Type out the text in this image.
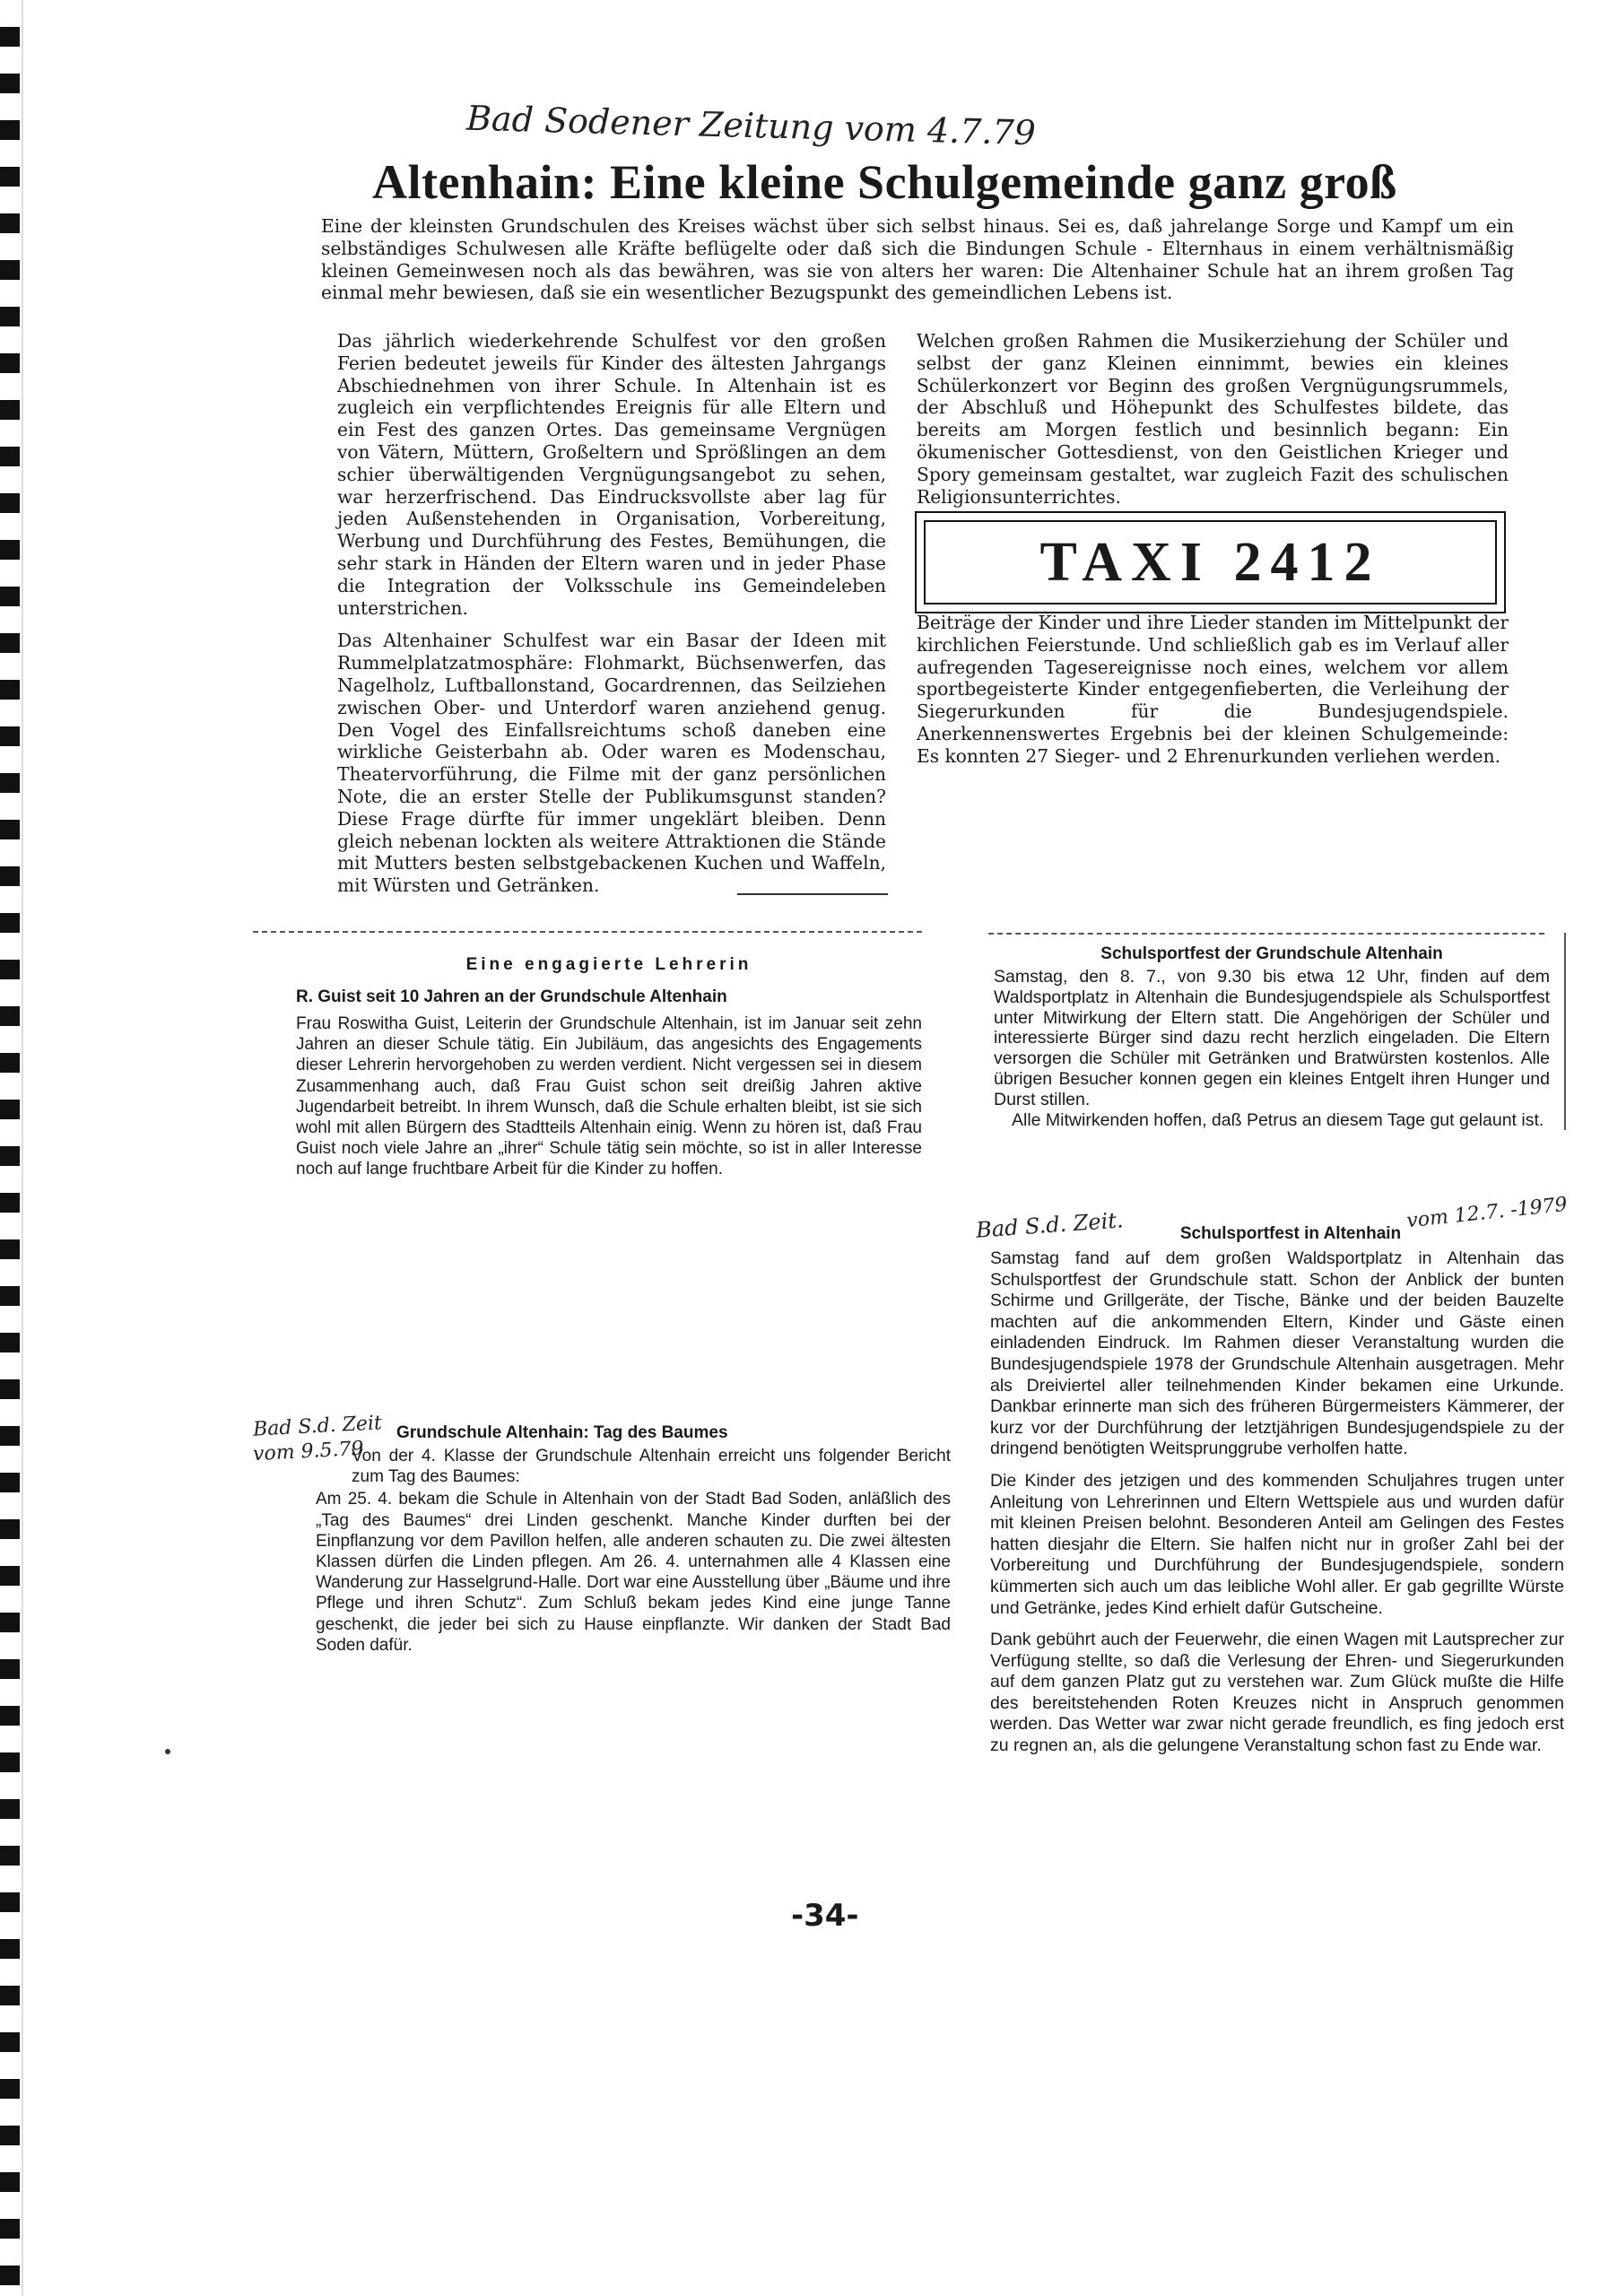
Bad Sodener Zeitung vom 4.7.79
Altenhain: Eine kleine Schulgemeinde ganz groß

Eine der kleinsten Grundschulen des Kreises wächst über sich selbst hinaus. Sei es, daß jahrelange Sorge und Kampf um ein selbständiges Schulwesen alle Kräfte beflügelte oder daß sich die Bindungen Schule - Elternhaus in einem verhältnismäßig kleinen Gemeinwesen noch als das bewähren, was sie von alters her waren: Die Altenhainer Schule hat an ihrem großen Tag einmal mehr bewiesen, daß sie ein wesentlicher Bezugspunkt des gemeindlichen Lebens ist.

Das jährlich wiederkehrende Schulfest vor den großen Ferien bedeutet jeweils für Kinder des ältesten Jahrgangs Abschiednehmen von ihrer Schule. In Altenhain ist es zugleich ein verpflichtendes Ereignis für alle Eltern und ein Fest des ganzen Ortes. Das gemeinsame Vergnügen von Vätern, Müttern, Großeltern und Sprößlingen an dem schier überwältigenden Vergnügungsangebot zu sehen, war herzerfrischend. Das Eindrucksvollste aber lag für jeden Außenstehenden in Organisation, Vorbereitung, Werbung und Durchführung des Festes, Bemühungen, die sehr stark in Händen der Eltern waren und in jeder Phase die Integration der Volksschule ins Gemeindeleben unterstrichen.

Das Altenhainer Schulfest war ein Basar der Ideen mit Rummelplatzatmosphäre: Flohmarkt, Büchsenwerfen, das Nagelholz, Luftballonstand, Gocardrennen, das Seilziehen zwischen Ober- und Unterdorf waren anziehend genug. Den Vogel des Einfallsreichtums schoß daneben eine wirkliche Geisterbahn ab. Oder waren es Modenschau, Theatervorführung, die Filme mit der ganz persönlichen Note, die an erster Stelle der Publikumsgunst standen? Diese Frage dürfte für immer ungeklärt bleiben. Denn gleich nebenan lockten als weitere Attraktionen die Stände mit Mutters besten selbstgebackenen Kuchen und Waffeln, mit Würsten und Getränken.

Welchen großen Rahmen die Musikerziehung der Schüler und selbst der ganz Kleinen einnimmt, bewies ein kleines Schülerkonzert vor Beginn des großen Vergnügungsrummels, der Abschluß und Höhepunkt des Schulfestes bildete, das bereits am Morgen festlich und besinnlich begann: Ein ökumenischer Gottesdienst, von den Geistlichen Krieger und Spory gemeinsam gestaltet, war zugleich Fazit des schulischen Religionsunterrichtes.

TAXI 2412

Beiträge der Kinder und ihre Lieder standen im Mittelpunkt der kirchlichen Feierstunde. Und schließlich gab es im Verlauf aller aufregenden Tagesereignisse noch eines, welchem vor allem sportbegeisterte Kinder entgegenfieberten, die Verleihung der Siegerurkunden für die Bundesjugendspiele. Anerkennenswertes Ergebnis bei der kleinen Schulgemeinde: Es konnten 27 Sieger- und 2 Ehrenurkunden verliehen werden.

Eine engagierte Lehrerin

R. Guist seit 10 Jahren an der Grundschule Altenhain

Frau Roswitha Guist, Leiterin der Grundschule Altenhain, ist im Januar seit zehn Jahren an dieser Schule tätig. Ein Jubiläum, das angesichts des Engagements dieser Lehrerin hervorgehoben zu werden verdient. Nicht vergessen sei in diesem Zusammenhang auch, daß Frau Guist schon seit dreißig Jahren aktive Jugendarbeit betreibt. In ihrem Wunsch, daß die Schule erhalten bleibt, ist sie sich wohl mit allen Bürgern des Stadtteils Altenhain einig. Wenn zu hören ist, daß Frau Guist noch viele Jahre an „ihrer“ Schule tätig sein möchte, so ist in aller Interesse noch auf lange fruchtbare Arbeit für die Kinder zu hoffen.

Schulsportfest der Grundschule Altenhain

Samstag, den 8. 7., von 9.30 bis etwa 12 Uhr, finden auf dem Waldsportplatz in Altenhain die Bundesjugendspiele als Schulsportfest unter Mitwirkung der Eltern statt. Die Angehörigen der Schüler und interessierte Bürger sind dazu recht herzlich eingeladen. Die Eltern versorgen die Schüler mit Getränken und Bratwürsten kostenlos. Alle übrigen Besucher konnen gegen ein kleines Entgelt ihren Hunger und Durst stillen.

Alle Mitwirkenden hoffen, daß Petrus an diesem Tage gut gelaunt ist.

Bad S.d. Zeit.	vom 12.7. -1979

Schulsportfest in Altenhain

Samstag fand auf dem großen Waldsportplatz in Altenhain das Schulsportfest der Grundschule statt. Schon der Anblick der bunten Schirme und Grillgeräte, der Tische, Bänke und der beiden Bauzelte machten auf die ankommenden Eltern, Kinder und Gäste einen einladenden Eindruck. Im Rahmen dieser Veranstaltung wurden die Bundesjugendspiele 1978 der Grundschule Altenhain ausgetragen. Mehr als Dreiviertel aller teilnehmenden Kinder bekamen eine Urkunde. Dankbar erinnerte man sich des früheren Bürgermeisters Kämmerer, der kurz vor der Durchführung der letztjährigen Bundesjugendspiele zu der dringend benötigten Weitsprunggrube verholfen hatte.

Die Kinder des jetzigen und des kommenden Schuljahres trugen unter Anleitung von Lehrerinnen und Eltern Wettspiele aus und wurden dafür mit kleinen Preisen belohnt. Besonderen Anteil am Gelingen des Festes hatten diesjahr die Eltern. Sie halfen nicht nur in großer Zahl bei der Vorbereitung und Durchführung der Bundesjugendspiele, sondern kümmerten sich auch um das leibliche Wohl aller. Er gab gegrillte Würste und Getränke, jedes Kind erhielt dafür Gutscheine.

Dank gebührt auch der Feuerwehr, die einen Wagen mit Lautsprecher zur Verfügung stellte, so daß die Verlesung der Ehren- und Siegerurkunden auf dem ganzen Platz gut zu verstehen war. Zum Glück mußte die Hilfe des bereitstehenden Roten Kreuzes nicht in Anspruch genommen werden. Das Wetter war zwar nicht gerade freundlich, es fing jedoch erst zu regnen an, als die gelungene Veranstaltung schon fast zu Ende war.

Bad S.d. Zeit
vom 9.5.79

Grundschule Altenhain: Tag des Baumes

Von der 4. Klasse der Grundschule Altenhain erreicht uns folgender Bericht zum Tag des Baumes:

Am 25. 4. bekam die Schule in Altenhain von der Stadt Bad Soden, anläßlich des „Tag des Baumes“ drei Linden geschenkt. Manche Kinder durften bei der Einpflanzung vor dem Pavillon helfen, alle anderen schauten zu. Die zwei ältesten Klassen dürfen die Linden pflegen. Am 26. 4. unternahmen alle 4 Klassen eine Wanderung zur Hasselgrund-Halle. Dort war eine Ausstellung über „Bäume und ihre Pflege und ihren Schutz“. Zum Schluß bekam jedes Kind eine junge Tanne geschenkt, die jeder bei sich zu Hause einpflanzte. Wir danken der Stadt Bad Soden dafür.

-34-
